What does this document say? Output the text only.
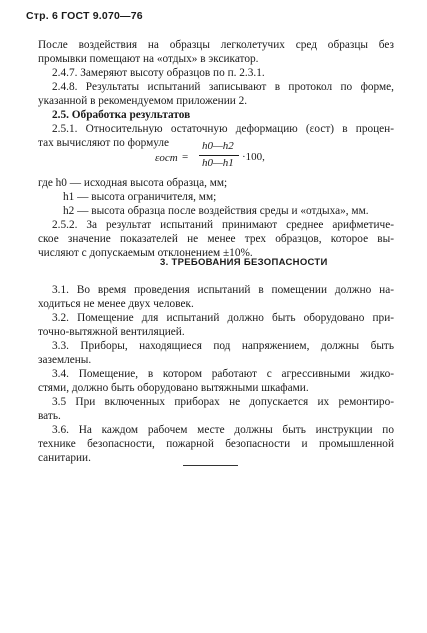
Стр. 6 ГОСТ 9.070—76
После воздействия на образцы легколетучих сред образцы без
промывки помещают на «отдых» в эксикатор.
2.4.7. Замеряют высоту образцов по п. 2.3.1.
2.4.8. Результаты испытаний записывают в протокол по форме,
указанной в рекомендуемом приложении 2.
2.5. Обработка результатов
2.5.1. Относительную остаточную деформацию (εост) в процен-
тах вычисляют по формуле
εост =
h0—h2
h0—h1 ·100,
где h0 — исходная высота образца, мм;
h1 — высота ограничителя, мм;
h2 — высота образца после воздействия среды и «отдыха», мм.
2.5.2. За результат испытаний принимают среднее арифметиче-
ское значение показателей не менее трех образцов, которое вы-
числяют с допускаемым отклонением ±10%.
3. ТРЕБОВАНИЯ БЕЗОПАСНОСТИ
3.1. Во время проведения испытаний в помещении должно на-
ходиться не менее двух человек.
3.2. Помещение для испытаний должно быть оборудовано при-
точно-вытяжной вентиляцией.
3.3. Приборы, находящиеся под напряжением, должны быть
заземлены.
3.4. Помещение, в котором работают с агрессивными жидко-
стями, должно быть оборудовано вытяжными шкафами.
3.5 При включенных приборах не допускается их ремонтиро-
вать.
3.6. На каждом рабочем месте должны быть инструкции по
технике безопасности, пожарной безопасности и промышленной
санитарии.
